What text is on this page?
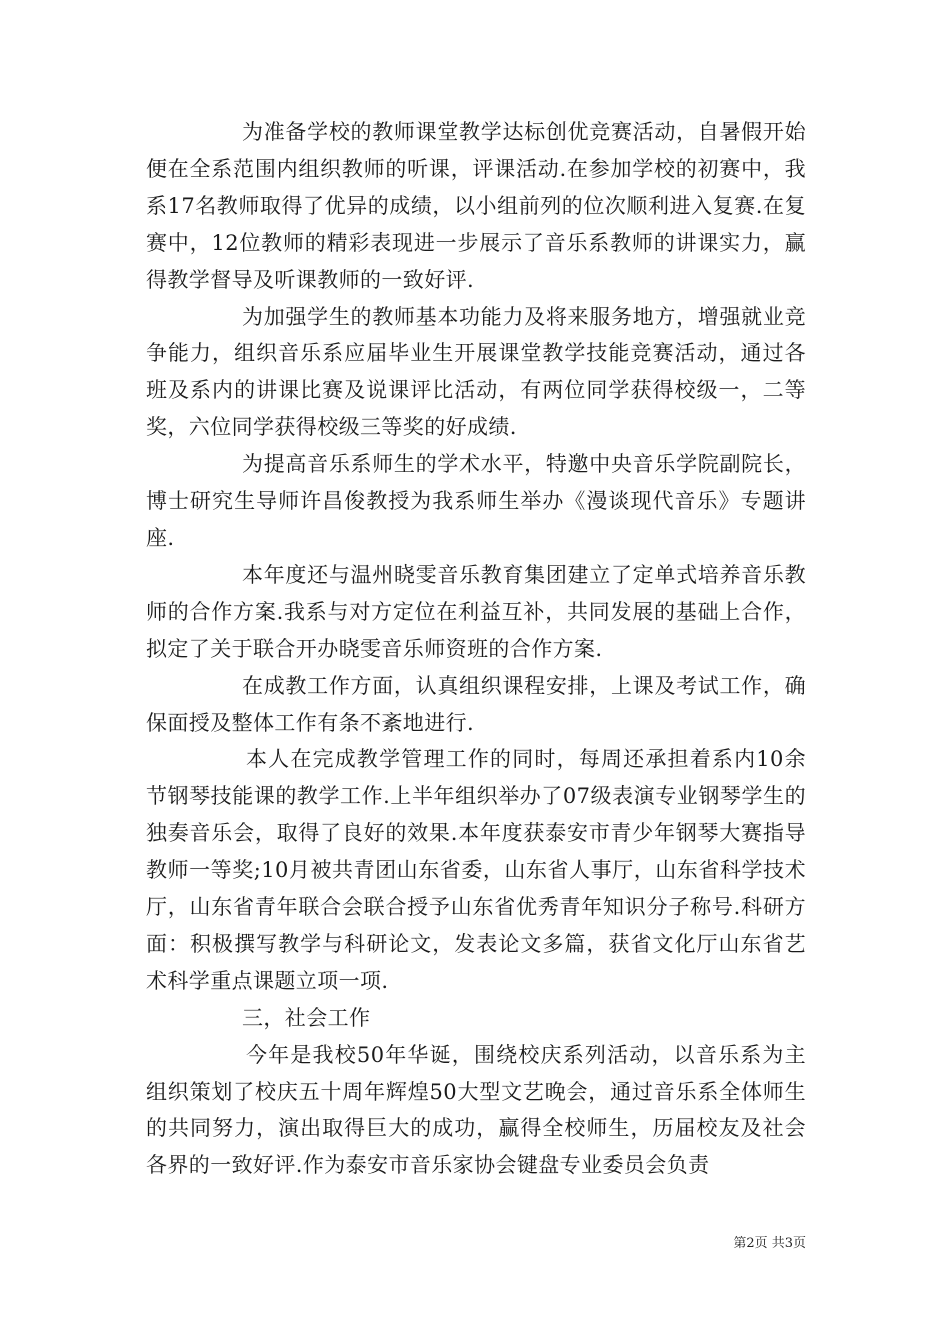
为准备学校的教师课堂教学达标创优竞赛活动，自暑假开始便在全系范围内组织教师的听课，评课活动.在参加学校的初赛中，我系17名教师取得了优异的成绩，以小组前列的位次顺利进入复赛.在复赛中，12位教师的精彩表现进一步展示了音乐系教师的讲课实力，赢得教学督导及听课教师的一致好评.

为加强学生的教师基本功能力及将来服务地方，增强就业竞争能力，组织音乐系应届毕业生开展课堂教学技能竞赛活动，通过各班及系内的讲课比赛及说课评比活动，有两位同学获得校级一，二等奖，六位同学获得校级三等奖的好成绩.

为提高音乐系师生的学术水平，特邀中央音乐学院副院长，博士研究生导师许昌俊教授为我系师生举办《漫谈现代音乐》专题讲座.

本年度还与温州晓雯音乐教育集团建立了定单式培养音乐教师的合作方案.我系与对方定位在利益互补，共同发展的基础上合作，拟定了关于联合开办晓雯音乐师资班的合作方案.

在成教工作方面，认真组织课程安排，上课及考试工作，确保面授及整体工作有条不紊地进行.

本人在完成教学管理工作的同时，每周还承担着系内10余节钢琴技能课的教学工作.上半年组织举办了07级表演专业钢琴学生的独奏音乐会，取得了良好的效果.本年度获泰安市青少年钢琴大赛指导教师一等奖;10月被共青团山东省委，山东省人事厅，山东省科学技术厅，山东省青年联合会联合授予山东省优秀青年知识分子称号.科研方面：积极撰写教学与科研论文，发表论文多篇，获省文化厅山东省艺术科学重点课题立项一项.

三，社会工作

今年是我校50年华诞，围绕校庆系列活动，以音乐系为主组织策划了校庆五十周年辉煌50大型文艺晚会，通过音乐系全体师生的共同努力，演出取得巨大的成功，赢得全校师生，历届校友及社会各界的一致好评.作为泰安市音乐家协会键盘专业委员会负责

第2页 共3页
